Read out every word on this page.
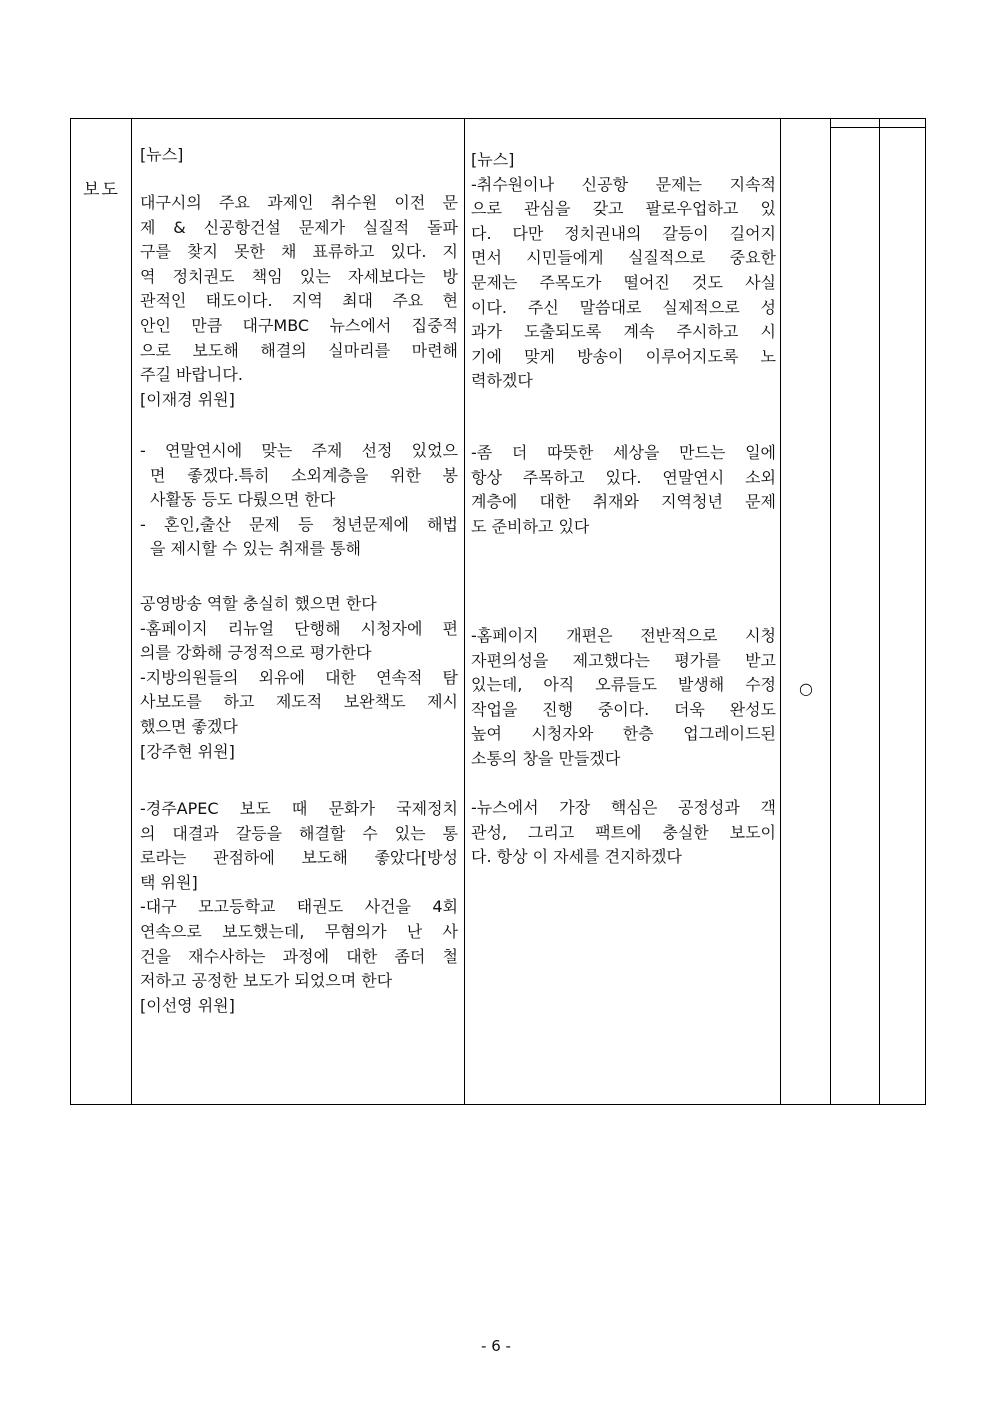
보도

[뉴스]

대구시의 주요 과제인 취수원 이전 문
제 & 신공항건설 문제가 실질적 돌파
구를 찾지 못한 채 표류하고 있다. 지
역 정치권도 책임 있는 자세보다는 방
관적인 태도이다. 지역 최대 주요 현
안인 만큼 대구MBC 뉴스에서 집중적
으로 보도해 해결의 실마리를 마련해
주길 바랍니다.
[이재경 위원]

- 연말연시에 맞는 주제 선정 있었으
면 좋겠다.특히 소외계층을 위한 봉
사활동 등도 다뤘으면 한다
- 혼인,출산 문제 등 청년문제에 해법
을 제시할 수 있는 취재를 통해

공영방송 역할 충실히 했으면 한다
-홈페이지 리뉴얼 단행해 시청자에 편
의를 강화해 긍정적으로 평가한다
-지방의원들의 외유에 대한 연속적 탐
사보도를 하고 제도적 보완책도 제시
했으면 좋겠다
[강주현 위원]

-경주APEC 보도 때 문화가 국제정치
의 대결과 갈등을 해결할 수 있는 통
로라는 관점하에 보도해 좋았다[방성
택 위원]
-대구 모고등학교 태권도 사건을 4회
연속으로 보도했는데, 무혐의가 난 사
건을 재수사하는 과정에 대한 좀더 철
저하고 공정한 보도가 되었으며 한다
[이선영 위원]

[뉴스]
-취수원이나 신공항 문제는 지속적
으로 관심을 갖고 팔로우업하고 있
다. 다만 정치권내의 갈등이 길어지
면서 시민들에게 실질적으로 중요한
문제는 주목도가 떨어진 것도 사실
이다. 주신 말씀대로 실제적으로 성
과가 도출되도록 계속 주시하고 시
기에 맞게 방송이 이루어지도록 노
력하겠다

-좀 더 따뜻한 세상을 만드는 일에
항상 주목하고 있다. 연말연시 소외
계층에 대한 취재와 지역청년 문제
도 준비하고 있다

-홈페이지 개편은 전반적으로 시청
자편의성을 제고했다는 평가를 받고
있는데, 아직 오류들도 발생해 수정
작업을 진행 중이다. 더욱 완성도
높여 시청자와 한층 업그레이드된
소통의 창을 만들겠다

-뉴스에서 가장 핵심은 공정성과 객
관성, 그리고 팩트에 충실한 보도이
다. 항상 이 자세를 견지하겠다

○
- 6 -
